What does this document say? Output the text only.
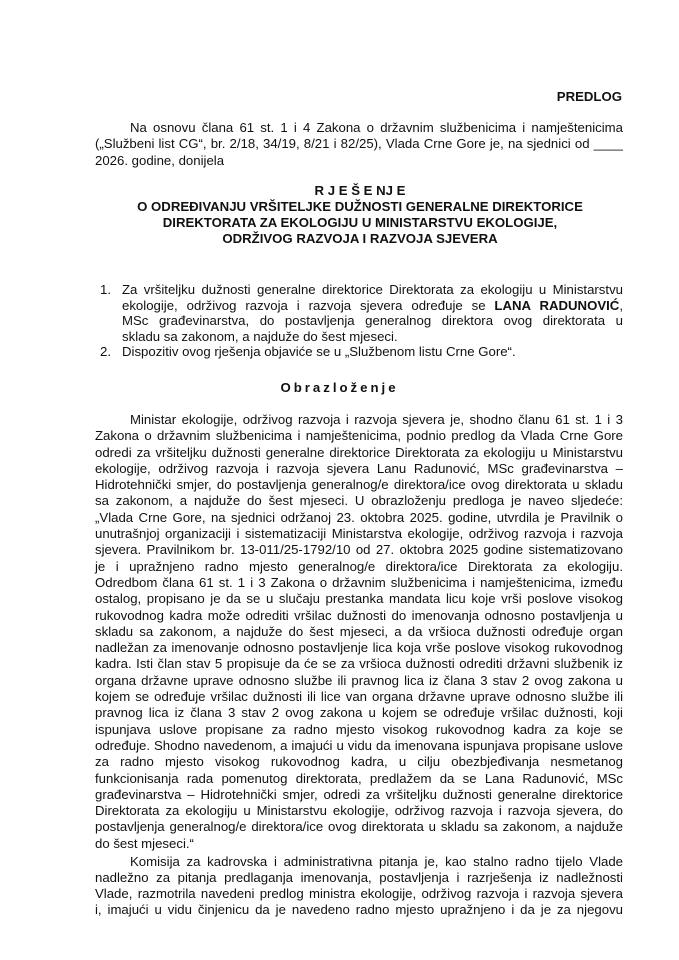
PREDLOG
Na osnovu člana 61 st. 1 i 4 Zakona o državnim službenicima i namještenicima
(„Službeni list CG“, br. 2/18, 34/19, 8/21 i 82/25), Vlada Crne Gore je, na sjednici od ____
2026. godine, donijela
R J E Š E NJ E
O ODREĐIVANJU VRŠITELJKE DUŽNOSTI GENERALNE DIREKTORICE
DIREKTORATA ZA EKOLOGIJU U MINISTARSTVU EKOLOGIJE,
ODRŽIVOG RAZVOJA I RAZVOJA SJEVERA
1. Za vršiteljku dužnosti generalne direktorice Direktorata za ekologiju u Ministarstvu
ekologije, održivog razvoja i razvoja sjevera određuje se LANA RADUNOVIĆ,
MSc građevinarstva, do postavljenja generalnog direktora ovog direktorata u
skladu sa zakonom, a najduže do šest mjeseci.
2. Dispozitiv ovog rješenja objaviće se u „Službenom listu Crne Gore“.
Obrazloženje
Ministar ekologije, održivog razvoja i razvoja sjevera je, shodno članu 61 st. 1 i 3
Zakona o državnim službenicima i namještenicima, podnio predlog da Vlada Crne Gore
odredi za vršiteljku dužnosti generalne direktorice Direktorata za ekologiju u Ministarstvu
ekologije, održivog razvoja i razvoja sjevera Lanu Radunović, MSc građevinarstva –
Hidrotehnički smjer, do postavljenja generalnog/e direktora/ice ovog direktorata u skladu
sa zakonom, a najduže do šest mjeseci. U obrazloženju predloga je naveo sljedeće:
„Vlada Crne Gore, na sjednici održanoj 23. oktobra 2025. godine, utvrdila je Pravilnik o
unutrašnjoj organizaciji i sistematizaciji Ministarstva ekologije, održivog razvoja i razvoja
sjevera. Pravilnikom br. 13-011/25-1792/10 od 27. oktobra 2025 godine sistematizovano
je i upražnjeno radno mjesto generalnog/e direktora/ice Direktorata za ekologiju.
Odredbom člana 61 st. 1 i 3 Zakona o državnim službenicima i namještenicima, između
ostalog, propisano je da se u slučaju prestanka mandata licu koje vrši poslove visokog
rukovodnog kadra može odrediti vršilac dužnosti do imenovanja odnosno postavljenja u
skladu sa zakonom, a najduže do šest mjeseci, a da vršioca dužnosti određuje organ
nadležan za imenovanje odnosno postavljenje lica koja vrše poslove visokog rukovodnog
kadra. Isti član stav 5 propisuje da će se za vršioca dužnosti odrediti državni službenik iz
organa državne uprave odnosno službe ili pravnog lica iz člana 3 stav 2 ovog zakona u
kojem se određuje vršilac dužnosti ili lice van organa državne uprave odnosno službe ili
pravnog lica iz člana 3 stav 2 ovog zakona u kojem se određuje vršilac dužnosti, koji
ispunjava uslove propisane za radno mjesto visokog rukovodnog kadra za koje se
određuje. Shodno navedenom, a imajući u vidu da imenovana ispunjava propisane uslove
za radno mjesto visokog rukovodnog kadra, u cilju obezbjeđivanja nesmetanog
funkcionisanja rada pomenutog direktorata, predlažem da se Lana Radunović, MSc
građevinarstva – Hidrotehnički smjer, odredi za vršiteljku dužnosti generalne direktorice
Direktorata za ekologiju u Ministarstvu ekologije, održivog razvoja i razvoja sjevera, do
postavljenja generalnog/e direktora/ice ovog direktorata u skladu sa zakonom, a najduže
do šest mjeseci.“
Komisija za kadrovska i administrativna pitanja je, kao stalno radno tijelo Vlade
nadležno za pitanja predlaganja imenovanja, postavljenja i razrješenja iz nadležnosti
Vlade, razmotrila navedeni predlog ministra ekologije, održivog razvoja i razvoja sjevera
i, imajući u vidu činjenicu da je navedeno radno mjesto upražnjeno i da je za njegovu
